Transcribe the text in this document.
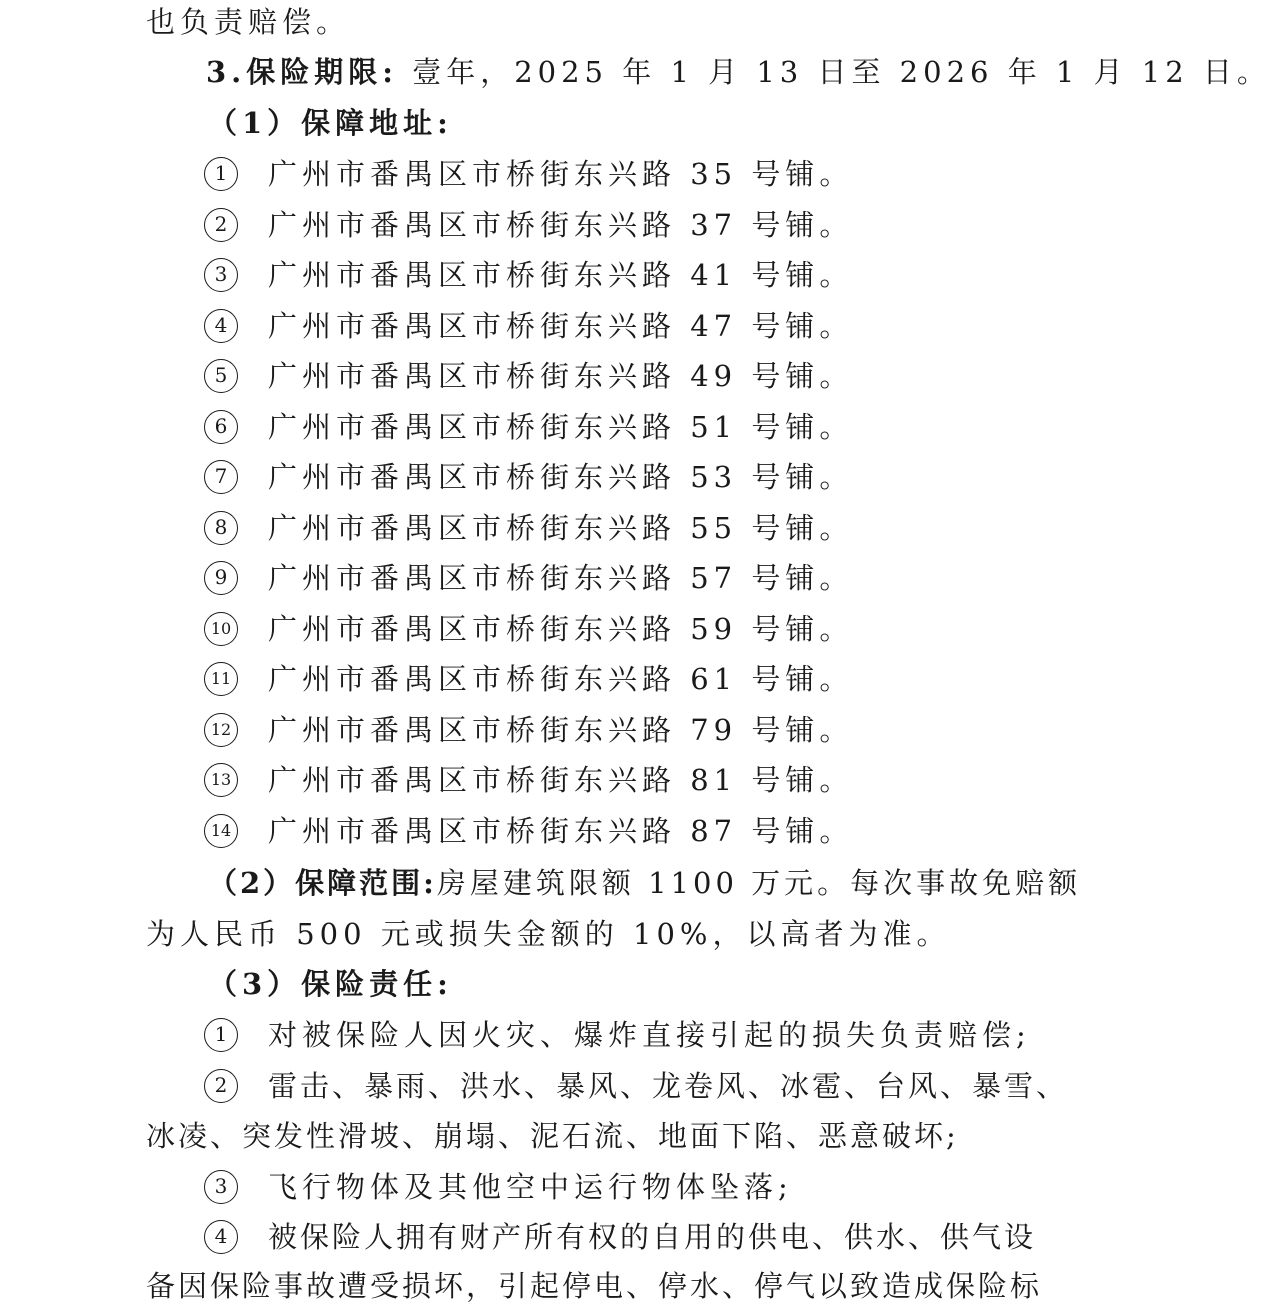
也负责赔偿。
3.保险期限: 壹年，2025 年 1 月 13 日至 2026 年 1 月 12 日。
（1）保障地址:
1	广州市番禺区市桥街东兴路 35 号铺。
2	广州市番禺区市桥街东兴路 37 号铺。
3	广州市番禺区市桥街东兴路 41 号铺。
4	广州市番禺区市桥街东兴路 47 号铺。
5	广州市番禺区市桥街东兴路 49 号铺。
6	广州市番禺区市桥街东兴路 51 号铺。
7	广州市番禺区市桥街东兴路 53 号铺。
8	广州市番禺区市桥街东兴路 55 号铺。
9	广州市番禺区市桥街东兴路 57 号铺。
10 广州市番禺区市桥街东兴路 59 号铺。
11 广州市番禺区市桥街东兴路 61 号铺。
12 广州市番禺区市桥街东兴路 79 号铺。
13 广州市番禺区市桥街东兴路 81 号铺。
14 广州市番禺区市桥街东兴路 87 号铺。
（2）保障范围: 房屋建筑限额 1100 万元。每次事故免赔额
为人民币 500 元或损失金额的 10%，以高者为准。
（3）保险责任:
1	对被保险人因火灾、爆炸直接引起的损失负责赔偿;
2	雷击、暴雨、洪水、暴风、龙卷风、冰雹、台风、暴雪、
冰凌、突发性滑坡、崩塌、泥石流、地面下陷、恶意破坏;
3	飞行物体及其他空中运行物体坠落;
4	被保险人拥有财产所有权的自用的供电、供水、供气设
备因保险事故遭受损坏，引起停电、停水、停气以致造成保险标
